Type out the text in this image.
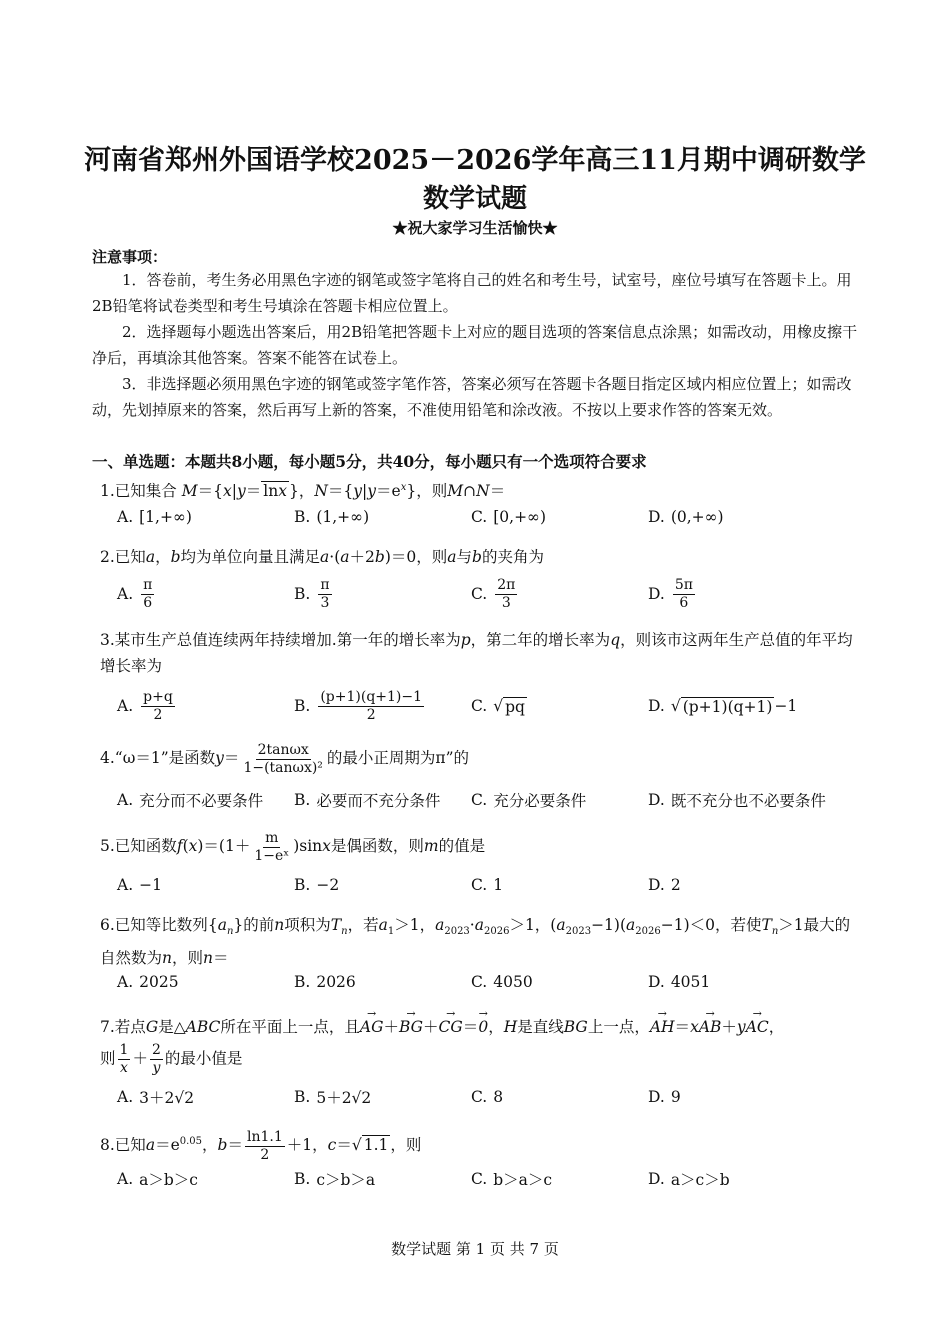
河南省郑州外国语学校2025－2026学年高三11月期中调研数学
数学试题
★祝大家学习生活愉快★
注意事项：
1．答卷前，考生务必用黑色字迹的钢笔或签字笔将自己的姓名和考生号，试室号，座位号填写在答题卡上。用2B铅笔将试卷类型和考生号填涂在答题卡相应位置上。
2．选择题每小题选出答案后，用2B铅笔把答题卡上对应的题目选项的答案信息点涂黑；如需改动，用橡皮擦干净后，再填涂其他答案。答案不能答在试卷上。
3．非选择题必须用黑色字迹的钢笔或签字笔作答，答案必须写在答题卡各题目指定区域内相应位置上；如需改动，先划掉原来的答案，然后再写上新的答案，不准使用铅笔和涂改液。不按以上要求作答的答案无效。
一、单选题：本题共8小题，每小题5分，共40分，每小题只有一个选项符合要求
1.已知集合 M＝{x|y＝ lnx }，$N=\{y|y=e^x\}$，则M∩N＝
A. [1,+∞)	B. (1,+∞)	C. [0,+∞)	D. (0,+∞)
2.已知a，b均为单位向量且满足a·(a＋2b)＝0，则a与b的夹角为
A. $\frac{\pi}{6}$	B. $\frac{\pi}{3}$	C. $\frac{2\pi}{3}$	D. $\frac{5\pi}{6}$
3.某市生产总值连续两年持续增加.第一年的增长率为p，第二年的增长率为q，则该市这两年生产总值的年平均增长率为
A. $\frac{p+q}{2}$	B. $\frac{(p+1)(q+1)-1}{2}$	C. √ pq	D. √ (p+1)(q+1) −1
4.“ω＝1”是函数$y= \frac{2\tan\omega x}{\text{1−(tanωx)²}}$ 的最小正周期为π”的
A. 充分而不必要条件 B. 必要而不充分条件 C. 充分必要条件	D. 既不充分也不必要条件
5.已知函数$f(x)=(1+ \frac{m}{\text{1−eˣ}} )\sin x$是偶函数，则m的值是
A. −1	B. −2	C. 1	D. 2
6.已知等比数列$\{a_n\}$的前n项积为$T_n$，若$a_1>1$，$a_{2023}\cdot a_{2026}>1$，$(a_{2023}-1)(a_{2026}-1)<0$，若使$T_n>1$最大的自然数为n，则n＝
A. 2025	B. 2026	C. 4050	D. 4051
7.若点G是△ABC所在平面上一点，且→ AG＋→ BG＋→ CG＝→ 0，H是直线BG上一点，→ AH＝x→ AB＋y→ AC，
则 $\frac{1}{x} + \frac{2}{y}$ 的最小值是
A. 3＋2√2	B. 5＋2√2	C. 8	D. 9
8.已知$a=e^{0.05}$，$b= \frac{\ln 1.1}{2} +1$，c＝√ 1.1 ，则
A. a＞b＞c	B. c＞b＞a	C. b＞a＞c	D. a＞c＞b
数学试题 第 1 页 共 7 页
